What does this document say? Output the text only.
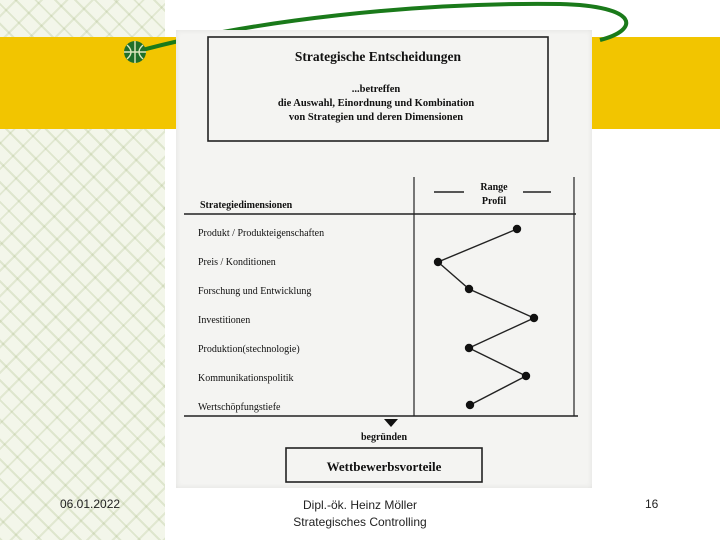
Strategische Entscheidungen
...betreffen
die Auswahl, Einordnung und Kombination
von Strategien und deren Dimensionen
Strategiedimensionen
Range
Profil
Produkt / Produkteigenschaften
Preis / Konditionen
Forschung und Entwicklung
Investitionen
Produktion(stechnologie)
Kommunikationspolitik
Wertschöpfungstiefe
begründen
Wettbewerbsvorteile
06.01.2022	Dipl.-ök. Heinz Möller
Strategisches Controlling
16
